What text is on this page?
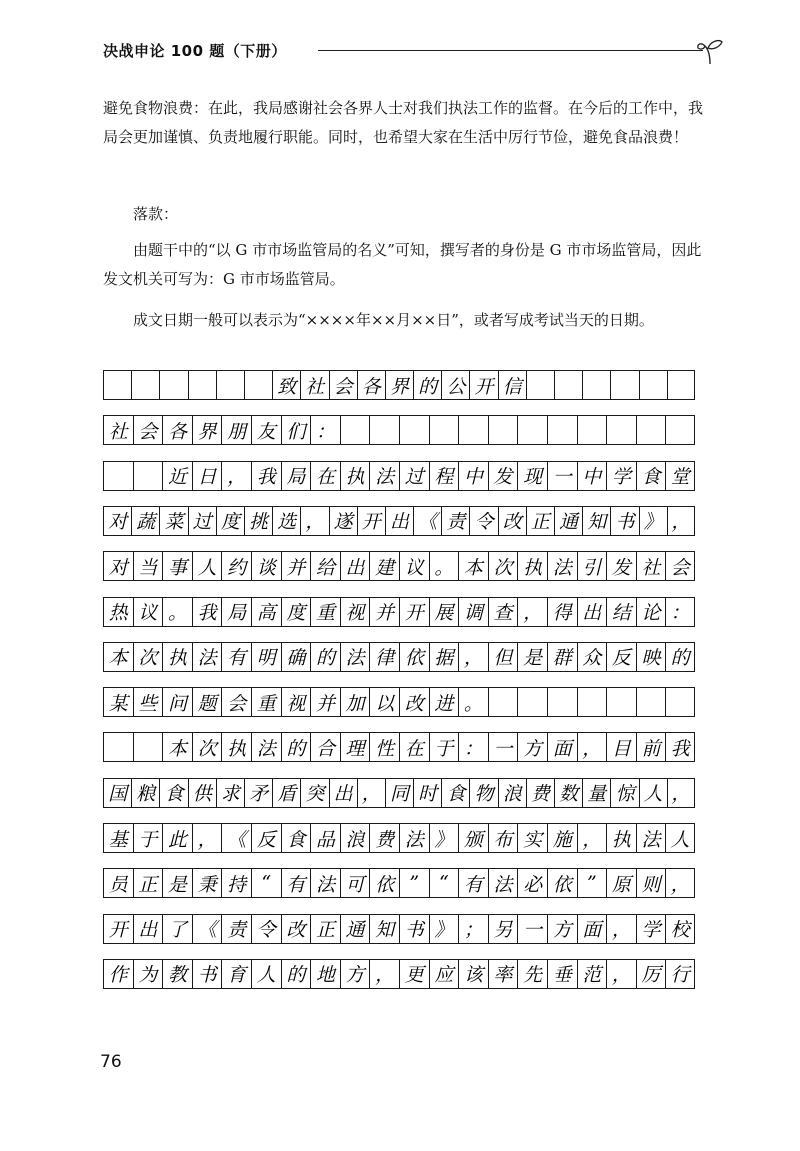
决战申论 100 题（下册）

避免食物浪费：在此，我局感谢社会各界人士对我们执法工作的监督。在今后的工作中，我局会更加谨慎、负责地履行职能。同时，也希望大家在生活中厉行节俭，避免食品浪费！

落款：

由题干中的“以 G 市市场监管局的名义”可知，撰写者的身份是 G 市市场监管局，因此发文机关可写为：G 市市场监管局。

成文日期一般可以表示为“××××年××月××日”，或者写成考试当天的日期。

致 社 会 各 界 的 公 开 信
社 会 各 界 朋 友 们 ：
近 日 ， 我 局 在 执 法 过 程 中 发 现 一 中 学 食 堂
对 蔬 菜 过 度 挑 选 ， 遂 开 出 《 责 令 改 正 通 知 书 》 ，
对 当 事 人 约 谈 并 给 出 建 议 。 本 次 执 法 引 发 社 会
热 议 。 我 局 高 度 重 视 并 开 展 调 查 ， 得 出 结 论 ：
本 次 执 法 有 明 确 的 法 律 依 据 ， 但 是 群 众 反 映 的
某 些 问 题 会 重 视 并 加 以 改 进 。
本 次 执 法 的 合 理 性 在 于 ： 一 方 面 ， 目 前 我
国 粮 食 供 求 矛 盾 突 出 ， 同 时 食 物 浪 费 数 量 惊 人 ，
基 于 此 ， 《 反 食 品 浪 费 法 》 颁 布 实 施 ， 执 法 人
员 正 是 秉 持 “ 有 法 可 依 ”	“ 有 法 必 依 ” 原 则 ，
开 出 了 《 责 令 改 正 通 知 书 》 ； 另 一 方 面 ， 学 校
作 为 教 书 育 人 的 地 方 ， 更 应 该 率 先 垂 范 ， 厉 行
76
